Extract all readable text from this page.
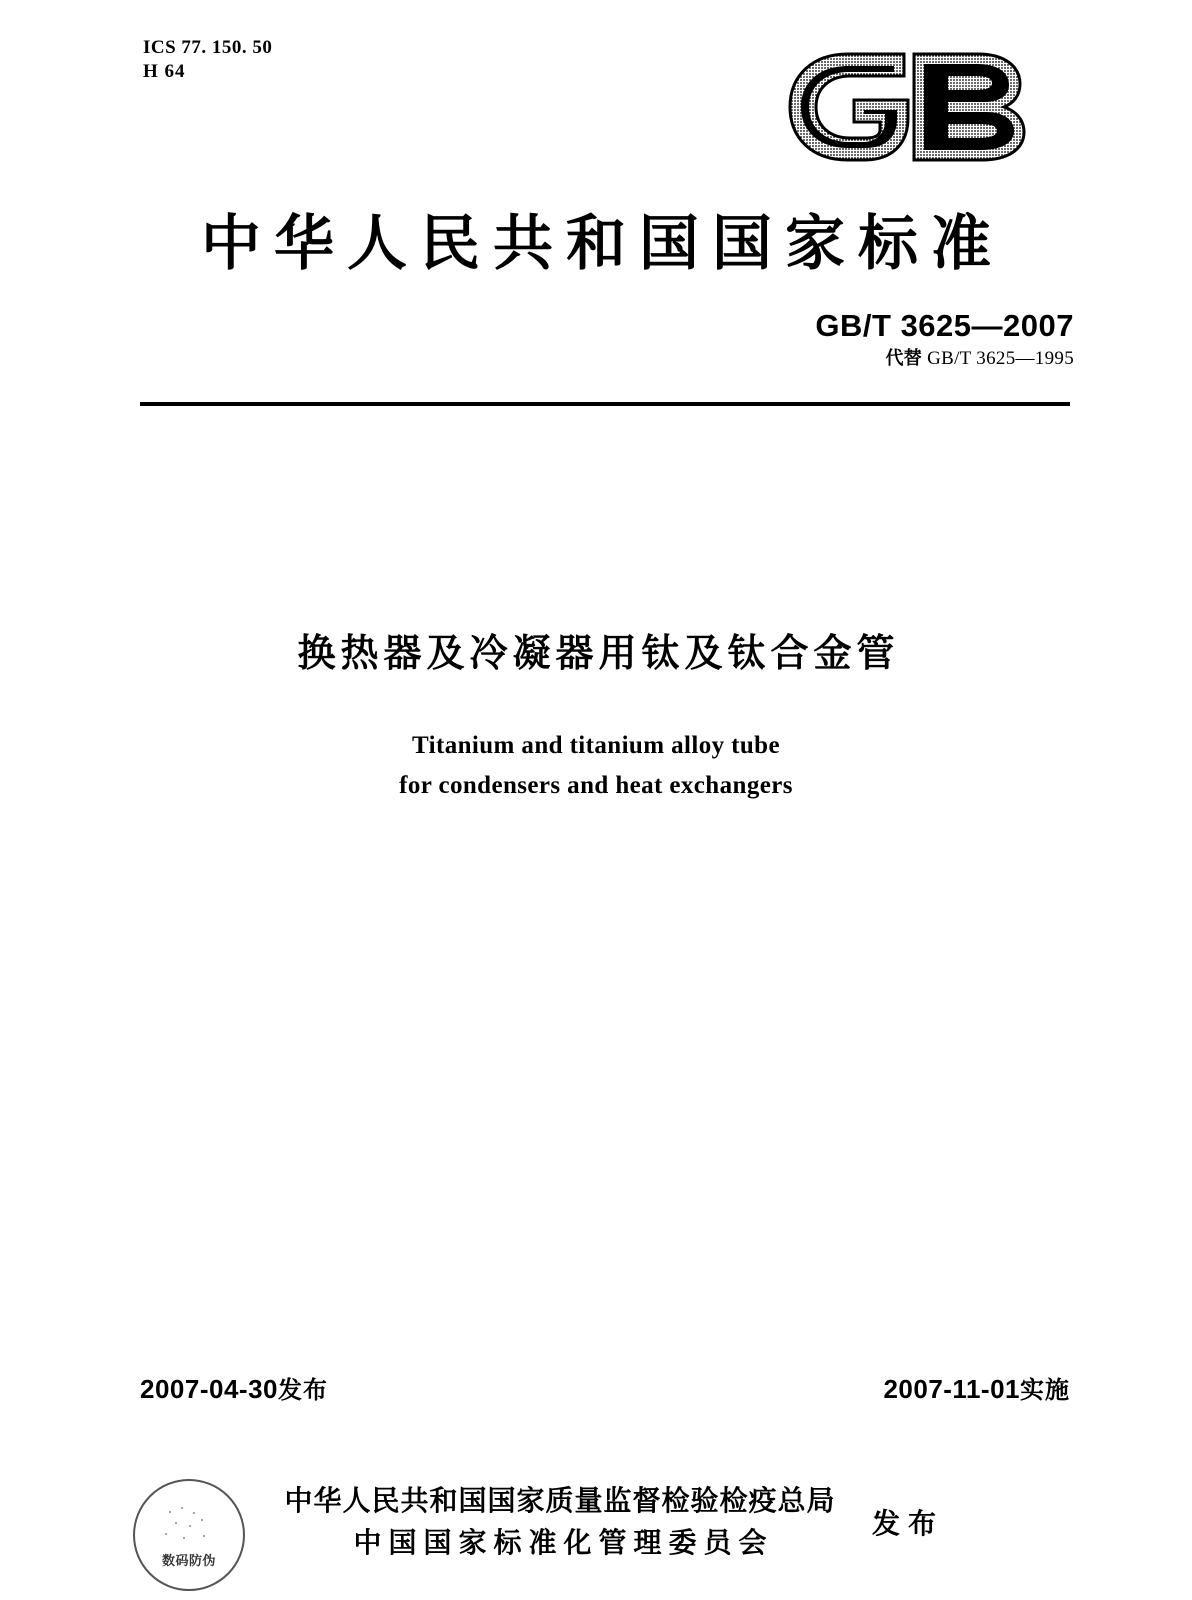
ICS 77. 150. 50
H 64
中华人民共和国国家标准
GB/T 3625—2007
代替 GB/T 3625—1995
换热器及冷凝器用钛及钛合金管
Titanium and titanium alloy tube
for condensers and heat exchangers
2007-04-30发布	2007-11-01实施
中华人民共和国国家质量监督检验检疫总局
中国国家标准化管理委员会
发布
数码防伪
